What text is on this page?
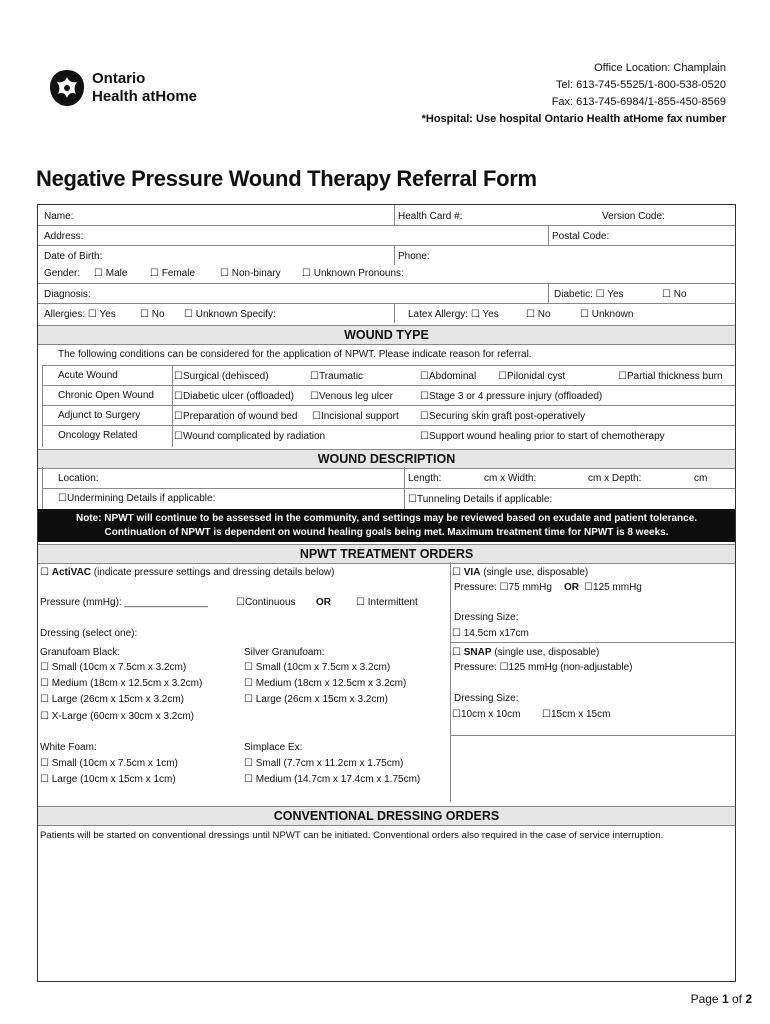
Ontario
Health atHome
Office Location: Champlain
Tel: 613-745-5525/1-800-538-0520
Fax: 613-745-6984/1-855-450-8569
*Hospital: Use hospital Ontario Health atHome fax number
Negative Pressure Wound Therapy Referral Form
Name:	Health Card #:	Version Code:
Address:	Postal Code:
Date of Birth:	Phone:
Gender: ☐ Male ☐ Female ☐ Non-binary ☐ Unknown Pronouns:
Diagnosis:	Diabetic: ☐ Yes	☐ No
Allergies: ☐ Yes ☐ No ☐ Unknown Specify:	Latex Allergy: ☐ Yes	☐ No	☐ Unknown
WOUND TYPE
The following conditions can be considered for the application of NPWT. Please indicate reason for referral.
Acute Wound	☐Surgical (dehisced)	☐Traumatic	☐Abdominal ☐Pilonidal cyst	☐Partial thickness burn
Chronic Open Wound ☐Diabetic ulcer (offloaded) ☐Venous leg ulcer	☐Stage 3 or 4 pressure injury (offloaded)
Adjunct to Surgery	☐Preparation of wound bed ☐Incisional support ☐Securing skin graft post-operatively
Oncology Related	☐Wound complicated by radiation	☐Support wound healing prior to start of chemotherapy
WOUND DESCRIPTION
Location:	Length:	cm x Width:	cm x Depth:	cm
☐Undermining Details if applicable:	☐Tunneling Details if applicable:
Note: NPWT will continue to be assessed in the community, and settings may be reviewed based on exudate and patient tolerance.
Continuation of NPWT is dependent on wound healing goals being met. Maximum treatment time for NPWT is 8 weeks.
NPWT TREATMENT ORDERS
☐ ActiVAC (indicate pressure settings and dressing details below)
Pressure (mmHg): _______________	☐Continuous OR	☐ Intermittent
Dressing (select one):
Granufoam Black:
☐ Small (10cm x 7.5cm x 3.2cm)
☐ Medium (18cm x 12.5cm x 3.2cm)
☐ Large (26cm x 15cm x 3.2cm)
☐ X-Large (60cm x 30cm x 3.2cm)
Silver Granufoam:
☐ Small (10cm x 7.5cm x 3.2cm)
☐ Medium (18cm x 12.5cm x 3.2cm)
☐ Large (26cm x 15cm x 3.2cm)
White Foam:
☐ Small (10cm x 7.5cm x 1cm)
☐ Large (10cm x 15cm x 1cm)
Simplace Ex:
☐ Small (7.7cm x 11.2cm x 1.75cm)
☐ Medium (14.7cm x 17.4cm x 1.75cm)
☐ VIA (single use, disposable)
Pressure: ☐75 mmHg OR ☐125 mmHg
Dressing Size:
☐ 14.5cm x17cm
☐ SNAP (single use, disposable)
Pressure: ☐125 mmHg (non-adjustable)
Dressing Size:
☐10cm x 10cm ☐15cm x 15cm
CONVENTIONAL DRESSING ORDERS
Patients will be started on conventional dressings until NPWT can be initiated. Conventional orders also required in the case of service interruption.
Page 1 of 2
